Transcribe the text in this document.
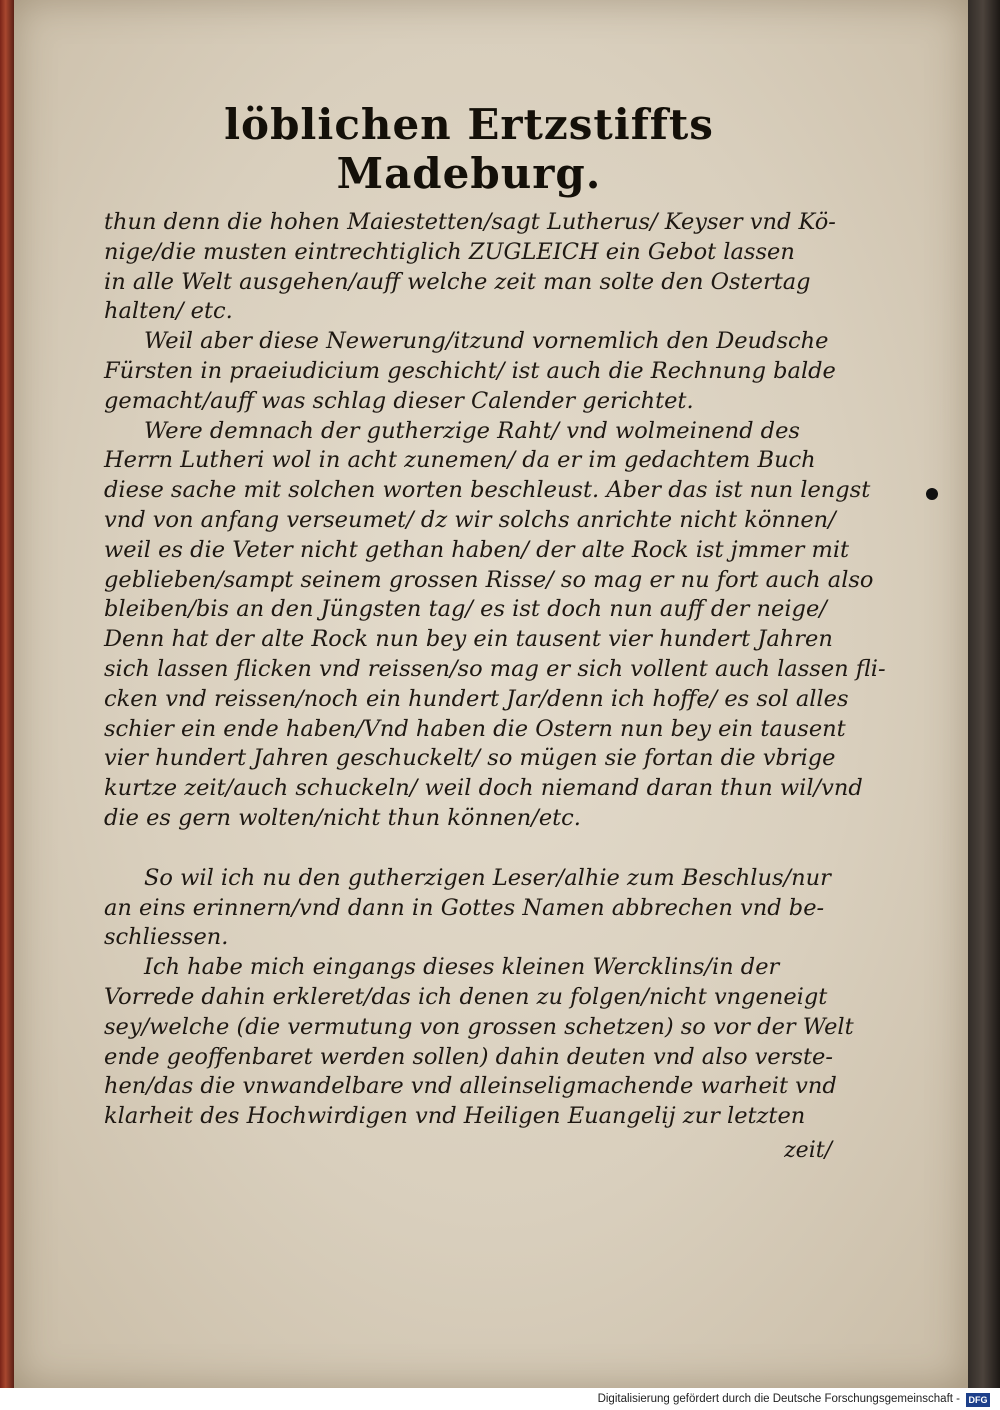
löblichen Ertzstiffts Madeburg.

thun denn die hohen Maiestetten/sagt Lutherus/ Keyser vnd Kö-
nige/die musten eintrechtiglich ZUGLEICH ein Gebot lassen
in alle Welt ausgehen/auff welche zeit man solte den Ostertag
halten/ etc.

Weil aber diese Newerung/itzund vornemlich den Deudsche
Fürsten in praeiudicium geschicht/ ist auch die Rechnung balde
gemacht/auff was schlag dieser Calender gerichtet.

Were demnach der gutherzige Raht/ vnd wolmeinend des
Herrn Lutheri wol in acht zunemen/ da er im gedachtem Buch
diese sache mit solchen worten beschleust. Aber das ist nun lengst
vnd von anfang verseumet/ dz wir solchs anrichte nicht können/
weil es die Veter nicht gethan haben/ der alte Rock ist jmmer mit
geblieben/sampt seinem grossen Risse/ so mag er nu fort auch also
bleiben/bis an den Jüngsten tag/ es ist doch nun auff der neige/
Denn hat der alte Rock nun bey ein tausent vier hundert Jahren
sich lassen flicken vnd reissen/so mag er sich vollent auch lassen fli-
cken vnd reissen/noch ein hundert Jar/denn ich hoffe/ es sol alles
schier ein ende haben/Vnd haben die Ostern nun bey ein tausent
vier hundert Jahren geschuckelt/ so mügen sie fortan die vbrige
kurtze zeit/auch schuckeln/ weil doch niemand daran thun wil/vnd
die es gern wolten/nicht thun können/etc.

So wil ich nu den gutherzigen Leser/alhie zum Beschlus/nur
an eins erinnern/vnd dann in Gottes Namen abbrechen vnd be-
schliessen.

Ich habe mich eingangs dieses kleinen Wercklins/in der
Vorrede dahin erkleret/das ich denen zu folgen/nicht vngeneigt
sey/welche (die vermutung von grossen schetzen) so vor der Welt
ende geoffenbaret werden sollen) dahin deuten vnd also verste-
hen/das die vnwandelbare vnd alleinseligmachende warheit vnd
klarheit des Hochwirdigen vnd Heiligen Euangelij zur letzten

zeit/
Digitalisierung gefördert durch die Deutsche Forschungsgemeinschaft - DFG
